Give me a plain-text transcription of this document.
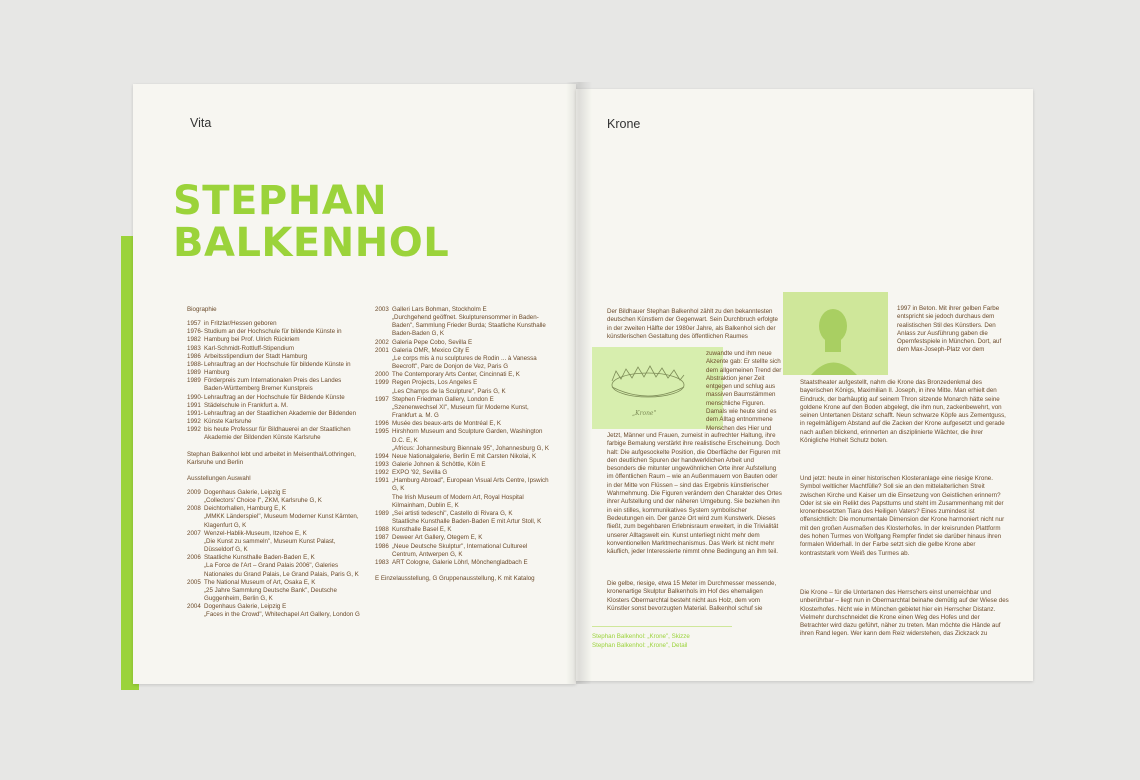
Vita
STEPHAN
BALKENHOL
Biographie
1957 in Fritzlar/Hessen geboren
1976-1982
Studium an der Hochschule für bildende Künste in Hamburg bei Prof. Ulrich Rückriem
1983 Karl-Schmidt-Rottluff-Stipendium
1986 Arbeitsstipendium der Stadt Hamburg
1988-1989
Lehrauftrag an der Hochschule für bildende Künste in Hamburg
1989 Förderpreis zum Internationalen Preis des Landes Baden-Württemberg Bremer Kunstpreis
1990-1991
Lehrauftrag an der Hochschule für Bildende Künste Städelschule in Frankfurt a. M.
1991-1992
Lehrauftrag an der Staatlichen Akademie der Bildenden Künste Karlsruhe
1992 bis heute Professur für Bildhauerei an der Staatlichen Akademie der Bildenden Künste Karlsruhe
Stephan Balkenhol lebt und arbeitet in Meisenthal/Lothringen, Karlsruhe und Berlin
Ausstellungen Auswahl
2009 Dogenhaus Galerie, Leipzig E
„Collectors' Choice I", ZKM, Karlsruhe G, K
2008 Deichtorhallen, Hamburg E, K
„MMKK Länderspiel", Museum Moderner Kunst Kärnten, Klagenfurt G, K
2007 Wenzel-Hablik-Museum, Itzehoe E, K
„Die Kunst zu sammeln", Museum Kunst Palast, Düsseldorf G, K
2006 Staatliche Kunsthalle Baden-Baden E, K
„La Force de l'Art – Grand Palais 2006", Galeries Nationales du Grand Palais, Le Grand Palais, Paris G, K
2005 The National Museum of Art, Osaka E, K
„25 Jahre Sammlung Deutsche Bank", Deutsche Guggenheim, Berlin G, K
2004 Dogenhaus Galerie, Leipzig E
„Faces in the Crowd", Whitechapel Art Gallery, London G
2003 Galleri Lars Bohman, Stockholm E
„Durchgehend geöffnet. Skulpturensommer in Baden-Baden", Sammlung Frieder Burda; Staatliche Kunsthalle Baden-Baden G, K
2002 Galeria Pepe Cobo, Sevilla E
2001 Galeria OMR, Mexico City E
„Le corps mis à nu sculptures de Rodin ... à Vanessa Beecroft", Parc de Donjon de Vez, Paris G
2000 The Contemporary Arts Center, Cincinnati E, K
1999 Regen Projects, Los Angeles E
„Les Champs de la Sculpture", Paris G, K
1997 Stephen Friedman Gallery, London E
„Szenenwechsel XI", Museum für Moderne Kunst, Frankfurt a. M. G
1996 Musée des beaux-arts de Montréal E, K
1995 Hirshhorn Museum and Sculpture Garden, Washington D.C. E, K
„Africus: Johannesburg Biennale 95", Johannesburg G, K
1994 Neue Nationalgalerie, Berlin E mit Carsten Nikolai, K
1993 Galerie Johnen & Schöttle, Köln E
1992 EXPO '92, Sevilla G
1991 „Hamburg Abroad", European Visual Arts Centre, Ipswich G, K
The Irish Museum of Modern Art, Royal Hospital Kilmainham, Dublin E, K
1989 „Sei artisti tedeschi", Castello di Rivara G, K
Staatliche Kunsthalle Baden-Baden E mit Artur Stoll, K
1988 Kunsthalle Basel E, K
1987 Deweer Art Gallery, Otegem E, K
1986 „Neue Deutsche Skulptur", International Cultureel Centrum, Antwerpen G, K
1983 ART Cologne, Galerie Löhrl, Mönchengladbach E
E Einzelausstellung, G Gruppenausstellung, K mit Katalog
Krone
Der Bildhauer Stephan Balkenhol zählt zu den bekanntesten deutschen Künstlern der Gegenwart. Sein Durchbruch erfolgte in der zweiten Hälfte der 1980er Jahre, als Balkenhol sich der künstlerischen Gestaltung des öffentlichen Raumes
„Krone"
zuwandte und ihm neue Akzente gab: Er stellte sich dem allgemeinen Trend der Abstraktion jener Zeit entgegen und schlug aus massiven Baumstämmen menschliche Figuren. Damals wie heute sind es dem Alltag entnommene Menschen des Hier und
Jetzt, Männer und Frauen, zumeist in aufrechter Haltung, ihre farbige Bemalung verstärkt ihre realistische Erscheinung. Doch halt: Die aufgesockelte Position, die Oberfläche der Figuren mit den deutlichen Spuren der handwerklichen Arbeit und besonders die mitunter ungewöhnlichen Orte ihrer Aufstellung im öffentlichen Raum – wie an Außenmauern von Bauten oder in der Mitte von Flüssen – sind das Ergebnis künstlerischer Wahrnehmung. Die Figuren verändern den Charakter des Ortes ihrer Aufstellung und der näheren Umgebung. Sie beziehen ihn in ein stilles, kommunikatives System symbolischer Bedeutungen ein. Der ganze Ort wird zum Kunstwerk. Dieses fließt, zum begehbaren Erlebnisraum erweitert, in die Trivialität unserer Alltagswelt ein. Kunst unterliegt nicht mehr dem konventionellen Marktmechanismus. Das Werk ist nicht mehr käuflich, jeder Interessierte nimmt ohne Bedingung an ihm teil.
Die gelbe, riesige, etwa 15 Meter im Durchmesser messende, kronenartige Skulptur Balkenhols im Hof des ehemaligen Klosters Obermarchtal besteht nicht aus Holz, dem vom Künstler sonst bevorzugten Material. Balkenhol schuf sie
Stephan Balkenhol: „Krone", Skizze
Stephan Balkenhol: „Krone", Detail
1997 in Beton. Mit ihrer gelben Farbe entspricht sie jedoch durchaus dem realistischen Stil des Künstlers. Den Anlass zur Ausführung gaben die Opernfestspiele in München. Dort, auf dem Max-Joseph-Platz vor dem
Staatstheater aufgestellt, nahm die Krone das Bronzedenkmal des bayerischen Königs, Maximilian II. Joseph, in ihre Mitte. Man erhielt den Eindruck, der barhäuptig auf seinem Thron sitzende Monarch hätte seine goldene Krone auf den Boden abgelegt, die ihm nun, zackenbewehrt, von seinen Untertanen Distanz schafft. Neun schwarze Köpfe aus Zementguss, in regelmäßigem Abstand auf die Zacken der Krone aufgesetzt und gerade nach außen blickend, erinnerten an disziplinierte Wächter, die ihrer Königliche Hoheit Schutz boten.
Und jetzt: heute in einer historischen Klosteranlage eine riesige Krone. Symbol weltlicher Machtfülle? Soll sie an den mittelalterlichen Streit zwischen Kirche und Kaiser um die Einsetzung von Geistlichen erinnern? Oder ist sie ein Relikt des Papsttums und steht im Zusammenhang mit der kronenbesetzten Tiara des Heiligen Vaters? Eines zumindest ist offensichtlich: Die monumentale Dimension der Krone harmoniert nicht nur mit den großen Ausmaßen des Klosterhofes. In der kreisrunden Plattform des hohen Turmes von Wolfgang Rempfer findet sie darüber hinaus ihren formalen Widerhall. In der Farbe setzt sich die gelbe Krone aber kontraststark vom Weiß des Turmes ab.
Die Krone – für die Untertanen des Herrschers einst unerreichbar und unberührbar – liegt nun in Obermarchtal beinahe demütig auf der Wiese des Klosterhofes. Nicht wie in München gebietet hier ein Herrscher Distanz. Vielmehr durchschneidet die Krone einen Weg des Hofes und der Betrachter wird dazu geführt, näher zu treten. Man möchte die Hände auf ihren Rand legen. Wer kann dem Reiz widerstehen, das Zickzack zu
